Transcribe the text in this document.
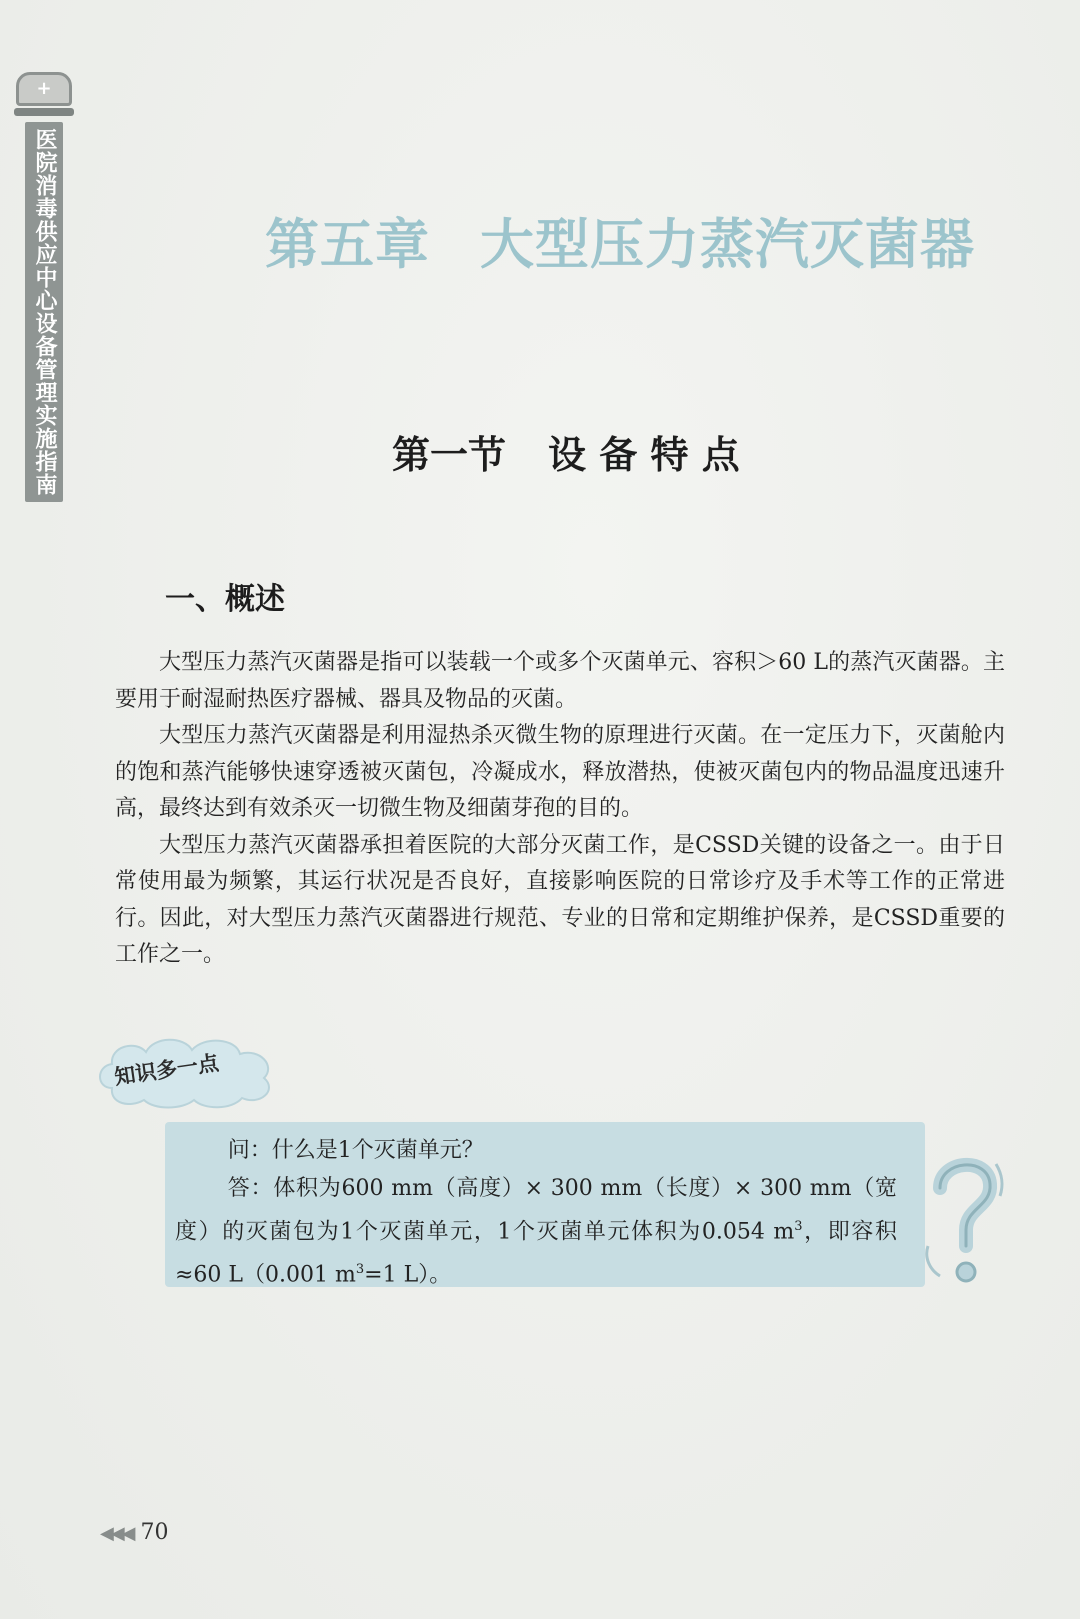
+
医院消毒供应中心设备管理实施指南	第五章 大型压力蒸汽灭菌器
第一节 设 备 特 点
一、概述

大型压力蒸汽灭菌器是指可以装载一个或多个灭菌单元、容积＞60 L的蒸汽灭菌器。主要用于耐湿耐热医疗器械、器具及物品的灭菌。

大型压力蒸汽灭菌器是利用湿热杀灭微生物的原理进行灭菌。在一定压力下，灭菌舱内的饱和蒸汽能够快速穿透被灭菌包，冷凝成水，释放潜热，使被灭菌包内的物品温度迅速升高，最终达到有效杀灭一切微生物及细菌芽孢的目的。

大型压力蒸汽灭菌器承担着医院的大部分灭菌工作，是CSSD关键的设备之一。由于日常使用最为频繁，其运行状况是否良好，直接影响医院的日常诊疗及手术等工作的正常进行。因此，对大型压力蒸汽灭菌器进行规范、专业的日常和定期维护保养，是CSSD重要的工作之一。

知识多一点

问：什么是1个灭菌单元？

答：体积为600 mm（高度）× 300 mm（长度）× 300 mm（宽度）的灭菌包为1个灭菌单元，1个灭菌单元体积为0.054 $m^3$，即容积≈60 L（0.001 $m^3=1$ L）。

◀◀◀ 70
